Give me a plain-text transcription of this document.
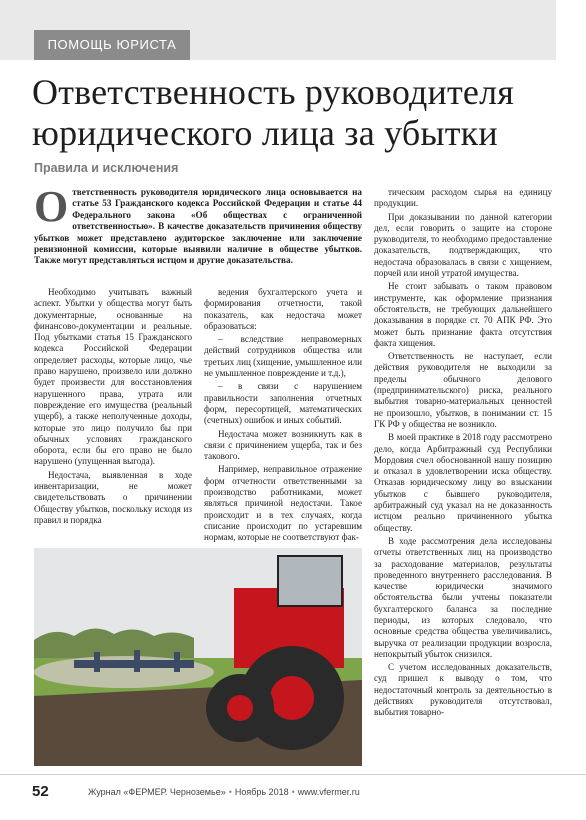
ПОМОЩЬ ЮРИСТА
Ответственность руководителя
юридического лица за убытки
Правила и исключения
О тветственность руководителя юридического лица основывается на статье 53 Гражданского кодекса Российской Федерации и статье 44 Федерального закона «Об обществах с ограниченной ответственностью». В качестве доказательств причинения обществу убытков может представлено аудиторское заключение или заключение ревизионной комиссии, которые выявили наличие в обществе убытков. Также могут представляться истцом и другие доказательства.

Необходимо учитывать важный аспект. Убытки у общества могут быть документарные, основанные на финансово-документации и реальные. Под убытками статья 15 Гражданского кодекса Российской Федерации определяет расходы, которые лицо, чье право нарушено, произвело или должно будет произвести для восстановления нарушенного права, утрата или повреждение его имущества (реальный ущерб), а также неполученные доходы, которые это лицо получило бы при обычных условиях гражданского оборота, если бы его право не было нарушено (упущенная выгода).

Недостача, выявленная в ходе инвентаризации, не может свидетельствовать о причинении Обществу убытков, поскольку исходя из правил и порядка

ведения бухгалтерского учета и формирования отчетности, такой показатель, как недостача может образоваться:

– вследствие неправомерных действий сотрудников общества или третьих лиц (хищение, умышленное или не умышленное повреждение и т.д.),

– в связи с нарушением правильности заполнения отчетных форм, пересортицей, математических (счетных) ошибок и иных событий.

Недостача может возникнуть как в связи с причинением ущерба, так и без такового.

Например, неправильное отражение форм отчетности ответственными за производство работниками, может являться причиной недостачи. Такое происходит и в тех случаях, когда списание происходит по устаревшим нормам, которые не соответствуют фак-

тическим расходом сырья на единицу продукции.

При доказывании по данной категории дел, если говорить о защите на стороне руководителя, то необходимо предоставление доказательств, подтверждающих, что недостача образовалась в связи с хищением, порчей или иной утратой имущества.

Не стоит забывать о таком правовом инструменте, как оформление признания обстоятельств, не требующих дальнейшего доказывания в порядке ст. 70 АПК РФ. Это может быть признание факта отсутствия факта хищения.

Ответственность не наступает, если действия руководителя не выходили за пределы обычного делового (предпринимательского) риска, реального выбытия товарно-материальных ценностей не произошло, убытков, в понимании ст. 15 ГК РФ у общества не возникло.

В моей практике в 2018 году рассмотрено дело, когда Арбитражный суд Республики Мордовия счел обоснованной нашу позицию и отказал в удовлетворении иска обществу. Отказав юридическому лицу во взыскании убытков с бывшего руководителя, арбитражный суд указал на не доказанность истцом реально причиненного убытка обществу.

В ходе рассмотрения дела исследованы отчеты ответственных лиц на производство за расходование материалов, результаты проведенного внутреннего расследования. В качестве юридически значимого обстоятельства были учтены показатели бухгалтерского баланса за последние периоды, из которых следовало, что основные средства общества увеличивались, выручка от реализации продукции возросла, непокрытый убыток снизился.

С учетом исследованных доказательств, суд пришел к выводу о том, что недостаточный контроль за деятельностью в действиях руководителя отсутствовал, выбытия товарно-

52	Журнал «ФЕРМЕР. Черноземье» • Ноябрь 2018 • www.vfermer.ru
